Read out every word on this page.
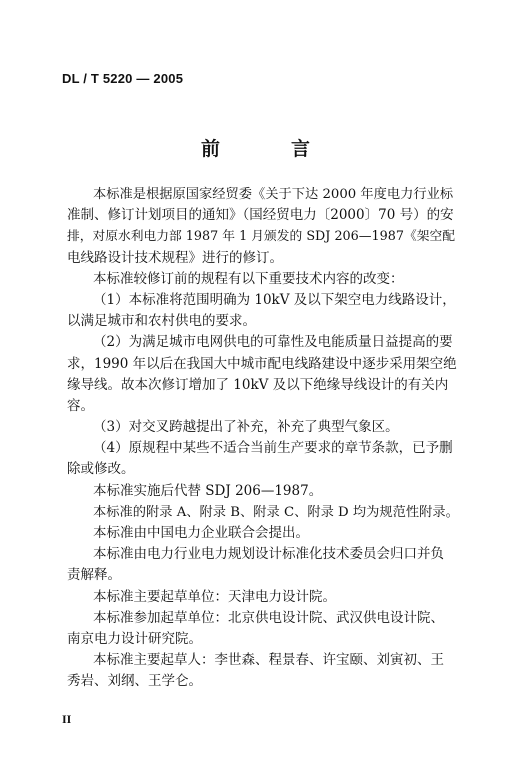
DL / T 5220 — 2005
前　言
本标准是根据原国家经贸委《关于下达 2000 年度电力行业标
准制、修订计划项目的通知》（国经贸电力〔2000〕70 号）的安
排，对原水利电力部 1987 年 1 月颁发的 SDJ 206—1987《架空配
电线路设计技术规程》进行的修订。
本标准较修订前的规程有以下重要技术内容的改变：
（1）本标准将范围明确为 10kV 及以下架空电力线路设计，
以满足城市和农村供电的要求。
（2）为满足城市电网供电的可靠性及电能质量日益提高的要
求，1990 年以后在我国大中城市配电线路建设中逐步采用架空绝
缘导线。故本次修订增加了 10kV 及以下绝缘导线设计的有关内
容。
（3）对交叉跨越提出了补充，补充了典型气象区。
（4）原规程中某些不适合当前生产要求的章节条款，已予删
除或修改。
本标准实施后代替 SDJ 206—1987。
本标准的附录 A、附录 B、附录 C、附录 D 均为规范性附录。
本标准由中国电力企业联合会提出。
本标准由电力行业电力规划设计标准化技术委员会归口并负
责解释。
本标准主要起草单位：天津电力设计院。
本标准参加起草单位：北京供电设计院、武汉供电设计院、
南京电力设计研究院。
本标准主要起草人：李世森、程景春、许宝颐、刘寅初、王
秀岩、刘纲、王学仑。
II
